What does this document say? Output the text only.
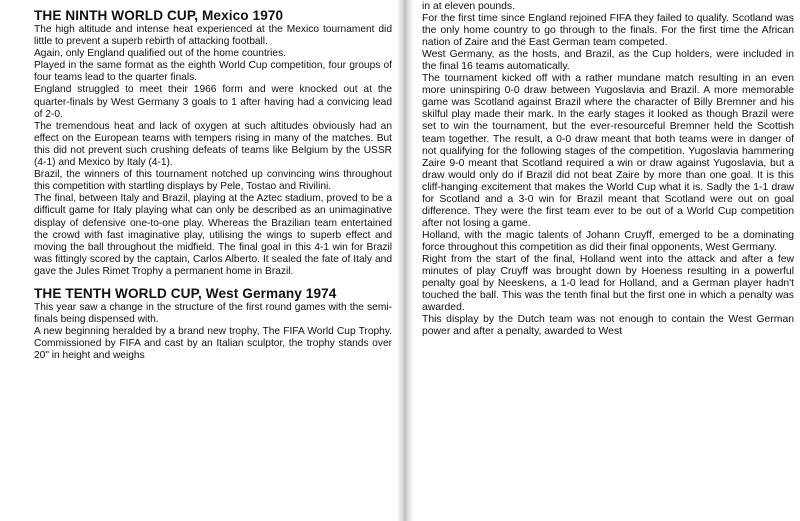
THE NINTH WORLD CUP, Mexico 1970

The high altitude and intense heat experienced at the Mexico tournament did little to prevent a superb rebirth of attacking football.

Again, only England qualified out of the home countries.

Played in the same format as the eighth World Cup competition, four groups of four teams lead to the quarter finals.

England struggled to meet their 1966 form and were knocked out at the quarter-finals by West Germany 3 goals to 1 after having had a convicing lead of 2-0.

The tremendous heat and lack of oxygen at such altitudes obviously had an effect on the European teams with tempers rising in many of the matches. But this did not prevent such crushing defeats of teams like Belgium by the USSR (4-1) and Mexico by Italy (4-1).

Brazil, the winners of this tournament notched up convincing wins throughout this competition with startling displays by Pele, Tostao and Rivilini.

The final, between Italy and Brazil, playing at the Aztec stadium, proved to be a difficult game for Italy playing what can only be described as an unimaginative display of defensive one-to-one play. Whereas the Brazilian team entertained the crowd with fast imaginative play, utilising the wings to superb effect and moving the ball throughout the midfield. The final goal in this 4-1 win for Brazil was fittingly scored by the captain, Carlos Alberto. It sealed the fate of Italy and gave the Jules Rimet Trophy a permanent home in Brazil.

THE TENTH WORLD CUP, West Germany 1974

This year saw a change in the structure of the first round games with the semi-finals being dispensed with.

A new beginning heralded by a brand new trophy, The FIFA World Cup Trophy. Commissioned by FIFA and cast by an Italian sculptor, the trophy stands over 20" in height and weighs

in at eleven pounds.

For the first time since England rejoined FIFA they failed to qualify. Scotland was the only home country to go through to the finals. For the first time the African nation of Zaire and the East German team competed.

West Germany, as the hosts, and Brazil, as the Cup holders, were included in the final 16 teams automatically.

The tournament kicked off with a rather mundane match resulting in an even more uninspiring 0-0 draw between Yugoslavia and Brazil. A more memorable game was Scotland against Brazil where the character of Billy Bremner and his skilful play made their mark. In the early stages it looked as though Brazil were set to win the tournament, but the ever-resourceful Bremner held the Scottish team together. The result, a 0-0 draw meant that both teams were in danger of not qualifying for the following stages of the competition. Yugoslavia hammering Zaire 9-0 meant that Scotland required a win or draw against Yugoslavia, but a draw would only do if Brazil did not beat Zaire by more than one goal. It is this cliff-hanging excitement that makes the World Cup what it is. Sadly the 1-1 draw for Scotland and a 3-0 win for Brazil meant that Scotland were out on goal difference. They were the first team ever to be out of a World Cup competition after not losing a game.

Holland, with the magic talents of Johann Cruyff, emerged to be a dominating force throughout this competition as did their final opponents, West Germany.

Right from the start of the final, Holland went into the attack and after a few minutes of play Cruyff was brought down by Hoeness resulting in a powerful penalty goal by Neeskens, a 1-0 lead for Holland, and a German player hadn't touched the ball. This was the tenth final but the first one in which a penalty was awarded.

This display by the Dutch team was not enough to contain the West German power and after a penalty, awarded to West
